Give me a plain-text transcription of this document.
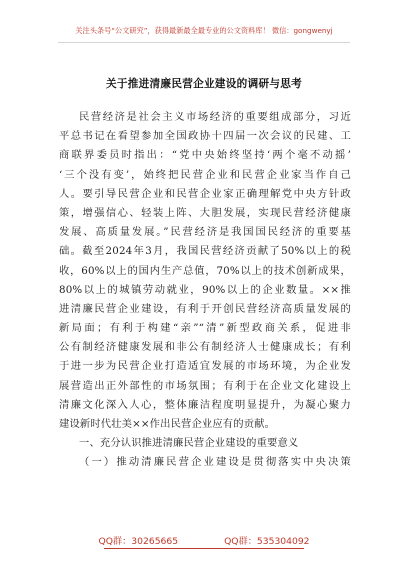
关注头条号“公文研究”，获得最新最全最专业的公文资料库！ 微信：gongwenyj
关于推进清廉民营企业建设的调研与思考
民营经济是社会主义市场经济的重要组成部分，习近
平总书记在看望参加全国政协十四届一次会议的民建、工
商联界委员时指出：“党中央始终坚持‘两个毫不动摇’
‘三个没有变’，始终把民营企业和民营企业家当作自己
人。要引导民营企业和民营企业家正确理解党中央方针政
策，增强信心、轻装上阵、大胆发展，实现民营经济健康
发展、高质量发展。”民营经济是我国国民经济的重要基
础。截至2024年3月，我国民营经济贡献了50%以上的税
收，60%以上的国内生产总值，70%以上的技术创新成果，
80%以上的城镇劳动就业，90%以上的企业数量。××推
进清廉民营企业建设，有利于开创民营经济高质量发展的
新局面；有利于构建“亲”“清”新型政商关系，促进非
公有制经济健康发展和非公有制经济人士健康成长；有利
于进一步为民营企业打造适宜发展的市场环境，为企业发
展营造出正外部性的市场氛围；有利于在企业文化建设上
清廉文化深入人心，整体廉洁程度明显提升，为凝心聚力
建设新时代壮美××作出民营企业应有的贡献。
一、充分认识推进清廉民营企业建设的重要意义
（一）推动清廉民营企业建设是贯彻落实中央决策
QQ群：30265665	QQ群：535304092
